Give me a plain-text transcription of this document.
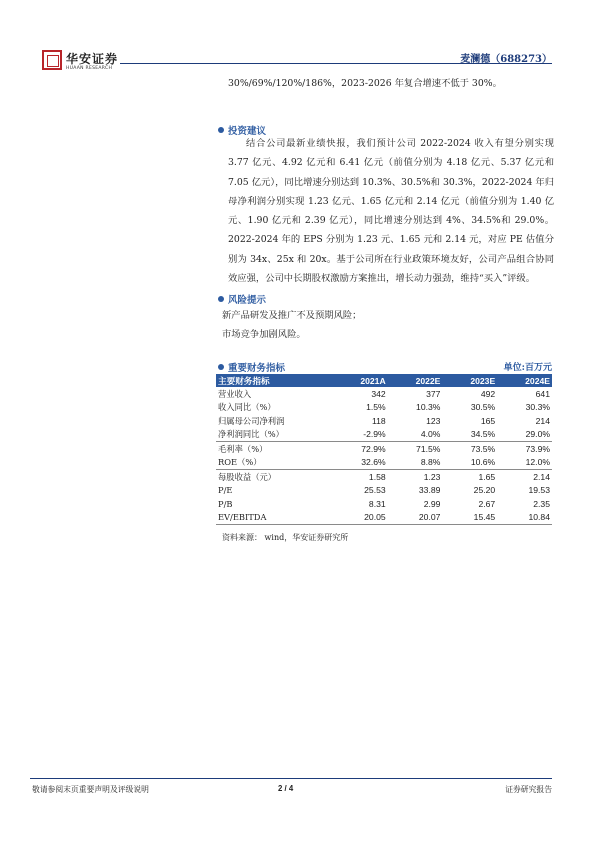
华安证券
HUAAN RESEARCH
麦澜德（688273）

30%/69%/120%/186%，2023-2026 年复合增速不低于 30%。

投资建议

结合公司最新业绩快报，我们预计公司 2022-2024 收入有望分别实现 3.77 亿元、4.92 亿元和 6.41 亿元（前值分别为 4.18 亿元、5.37 亿元和 7.05 亿元），同比增速分别达到 10.3%、30.5%和 30.3%，2022-2024 年归母净利润分别实现 1.23 亿元、1.65 亿元和 2.14 亿元（前值分别为 1.40 亿元、1.90 亿元和 2.39 亿元），同比增速分别达到 4%、34.5%和 29.0%。2022-2024 年的 EPS 分别为 1.23 元、1.65 元和 2.14 元，对应 PE 估值分别为 34x、25x 和 20x。基于公司所在行业政策环境友好，公司产品组合协同效应强，公司中长期股权激励方案推出，增长动力强劲，维持“买入”评级。

风险提示

新产品研发及推广不及预期风险；

市场竞争加剧风险。

重要财务指标	单位:百万元
主要财务指标	2021A	2022E	2023E	2024E
营业收入	342	377	492	641
收入同比（%）	1.5%	10.3%	30.5%	30.3%
归属母公司净利润	118	123	165	214
净利润同比（%）	-2.9%	4.0%	34.5%	29.0%
毛利率（%）	72.9%	71.5%	73.5%	73.9%
ROE（%）	32.6%	8.8%	10.6%	12.0%
每股收益（元）	1.58	1.23	1.65	2.14
P/E	25.53	33.89	25.20	19.53
P/B	8.31	2.99	2.67	2.35
EV/EBITDA	20.05	20.07	15.45	10.84
资料来源： wind，华安证券研究所
敬请参阅末页重要声明及评级说明	2 / 4	证券研究报告
